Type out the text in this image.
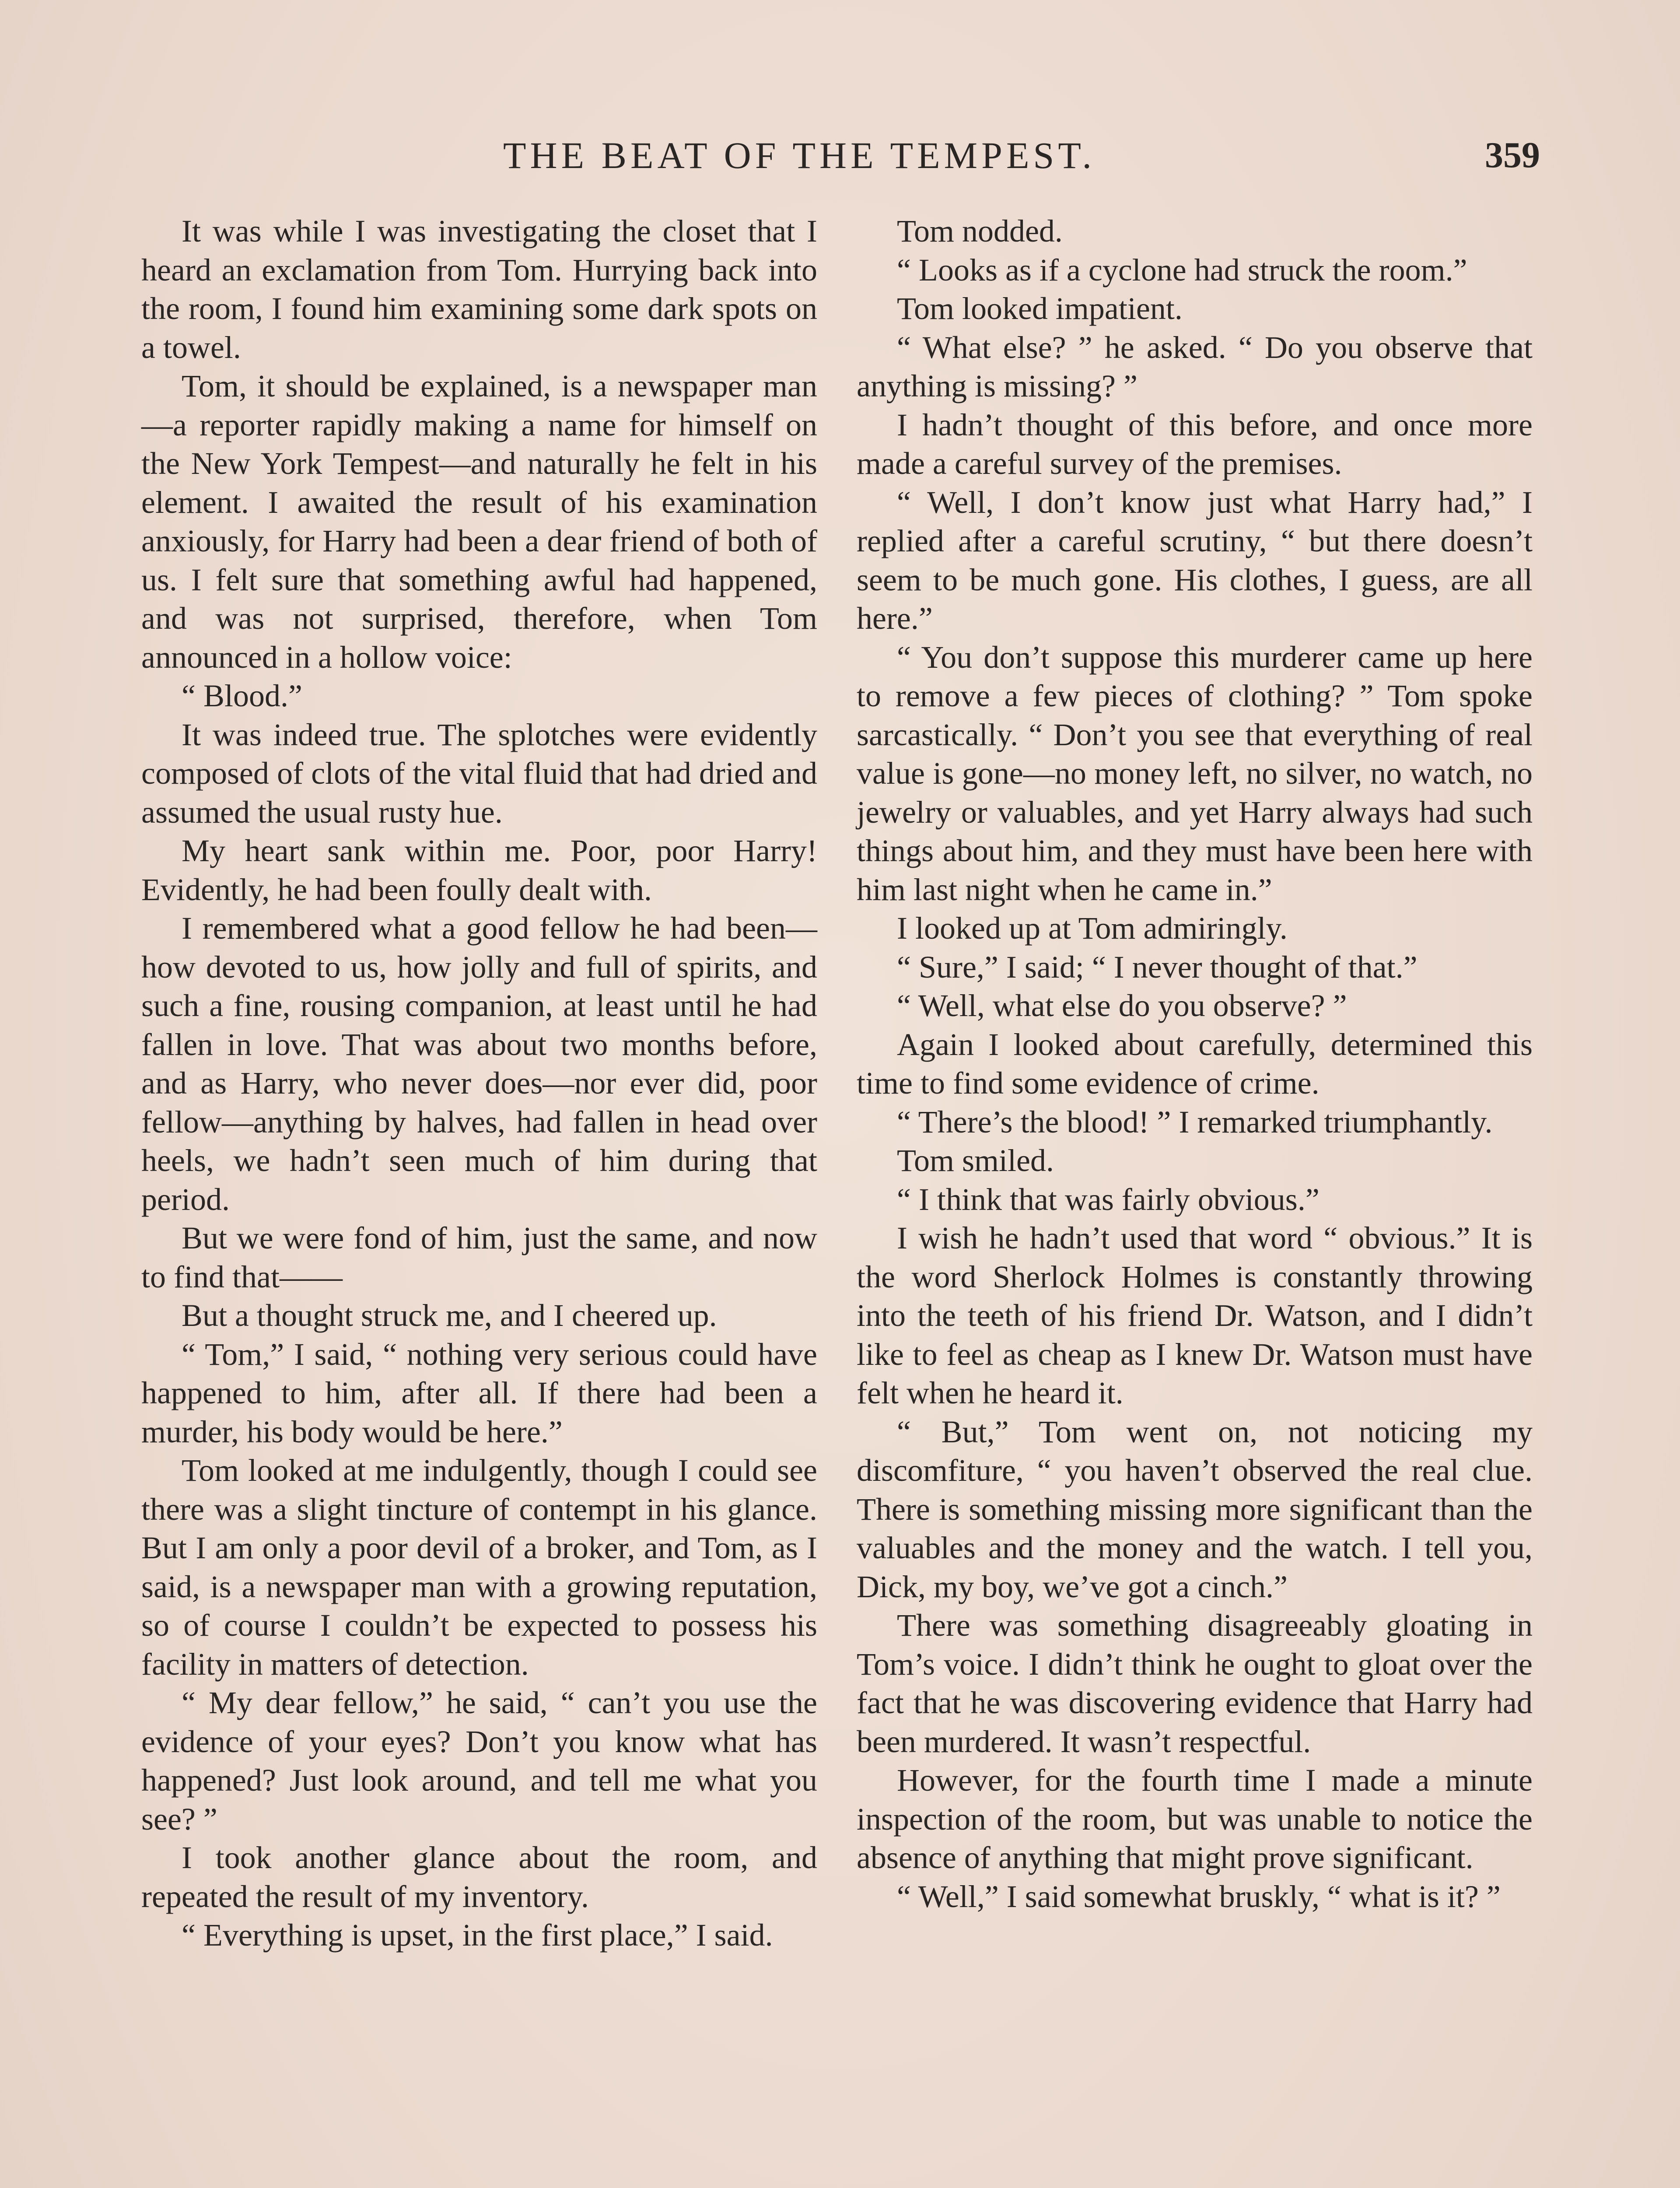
THE BEAT OF THE TEMPEST.	359

It was while I was investigating the closet that I heard an exclamation from Tom. Hurrying back into the room, I found him examining some dark spots on a towel.

Tom, it should be explained, is a newspaper man—a reporter rapidly making a name for himself on the New York Tempest—and naturally he felt in his element. I awaited the result of his examination anxiously, for Harry had been a dear friend of both of us. I felt sure that something awful had happened, and was not surprised, therefore, when Tom announced in a hollow voice:

“ Blood.”

It was indeed true. The splotches were evidently composed of clots of the vital fluid that had dried and assumed the usual rusty hue.

My heart sank within me. Poor, poor Harry! Evidently, he had been foully dealt with.

I remembered what a good fellow he had been—how devoted to us, how jolly and full of spirits, and such a fine, rousing companion, at least until he had fallen in love. That was about two months before, and as Harry, who never does—nor ever did, poor fellow—anything by halves, had fallen in head over heels, we hadn’t seen much of him during that period.

But we were fond of him, just the same, and now to find that——

But a thought struck me, and I cheered up.

“ Tom,” I said, “ nothing very serious could have happened to him, after all. If there had been a murder, his body would be here.”

Tom looked at me indulgently, though I could see there was a slight tincture of contempt in his glance. But I am only a poor devil of a broker, and Tom, as I said, is a newspaper man with a growing reputation, so of course I couldn’t be expected to possess his facility in matters of detection.

“ My dear fellow,” he said, “ can’t you use the evidence of your eyes? Don’t you know what has happened? Just look around, and tell me what you see? ”

I took another glance about the room, and repeated the result of my inventory.

“ Everything is upset, in the first place,” I said.

Tom nodded.

“ Looks as if a cyclone had struck the room.”

Tom looked impatient.

“ What else? ” he asked. “ Do you observe that anything is missing? ”

I hadn’t thought of this before, and once more made a careful survey of the premises.

“ Well, I don’t know just what Harry had,” I replied after a careful scrutiny, “ but there doesn’t seem to be much gone. His clothes, I guess, are all here.”

“ You don’t suppose this murderer came up here to remove a few pieces of clothing? ” Tom spoke sarcastically. “ Don’t you see that everything of real value is gone—no money left, no silver, no watch, no jewelry or valuables, and yet Harry always had such things about him, and they must have been here with him last night when he came in.”

I looked up at Tom admiringly.

“ Sure,” I said; “ I never thought of that.”

“ Well, what else do you observe? ”

Again I looked about carefully, determined this time to find some evidence of crime.

“ There’s the blood! ” I remarked triumphantly.

Tom smiled.

“ I think that was fairly obvious.”

I wish he hadn’t used that word “ obvious.” It is the word Sherlock Holmes is constantly throwing into the teeth of his friend Dr. Watson, and I didn’t like to feel as cheap as I knew Dr. Watson must have felt when he heard it.

“ But,” Tom went on, not noticing my discomfiture, “ you haven’t observed the real clue. There is something missing more significant than the valuables and the money and the watch. I tell you, Dick, my boy, we’ve got a cinch.”

There was something disagreeably gloating in Tom’s voice. I didn’t think he ought to gloat over the fact that he was discovering evidence that Harry had been murdered. It wasn’t respectful.

However, for the fourth time I made a minute inspection of the room, but was unable to notice the absence of anything that might prove significant.

“ Well,” I said somewhat bruskly, “ what is it? ”
